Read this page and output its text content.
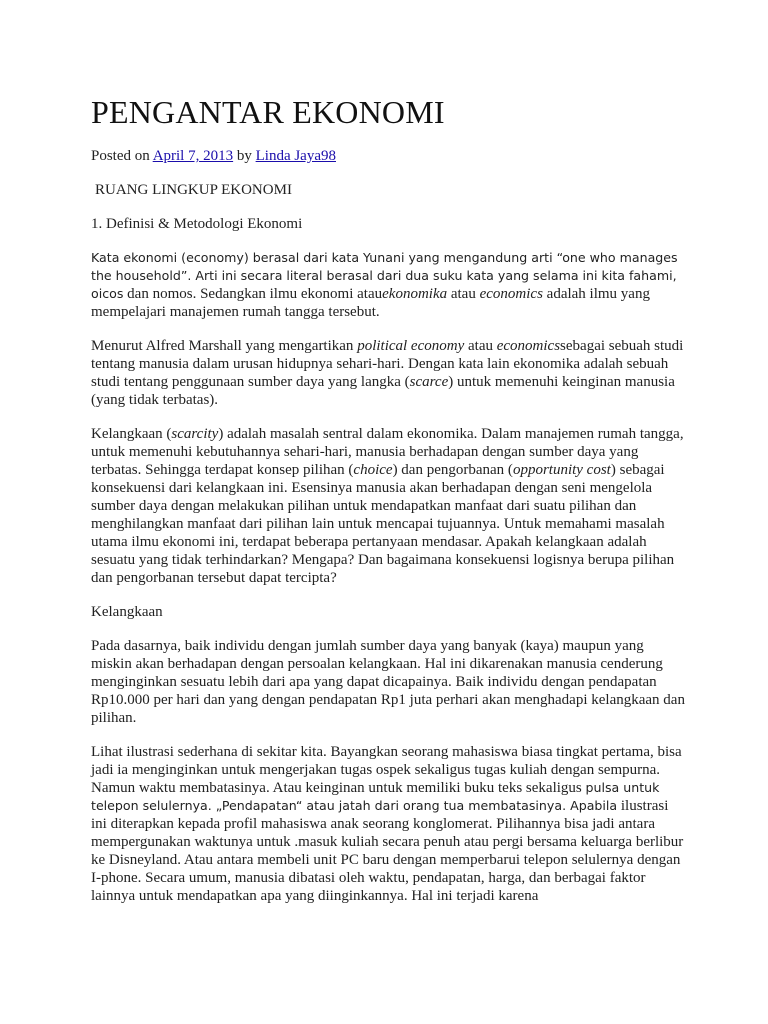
PENGANTAR EKONOMI
Posted on April 7, 2013 by Linda Jaya98
RUANG LINGKUP EKONOMI
1. Definisi & Metodologi Ekonomi

Kata ekonomi (economy) berasal dari kata Yunani yang mengandung arti “one who manages the household”. Arti ini secara literal berasal dari dua suku kata yang selama ini kita fahami, oicos dan nomos. Sedangkan ilmu ekonomi atauekonomika atau economics adalah ilmu yang mempelajari manajemen rumah tangga tersebut.

Menurut Alfred Marshall yang mengartikan political economy atau economicssebagai sebuah studi tentang manusia dalam urusan hidupnya sehari-hari. Dengan kata lain ekonomika adalah sebuah studi tentang penggunaan sumber daya yang langka (scarce) untuk memenuhi keinginan manusia (yang tidak terbatas).

Kelangkaan (scarcity) adalah masalah sentral dalam ekonomika. Dalam manajemen rumah tangga, untuk memenuhi kebutuhannya sehari-hari, manusia berhadapan dengan sumber daya yang terbatas. Sehingga terdapat konsep pilihan (choice) dan pengorbanan (opportunity cost) sebagai konsekuensi dari kelangkaan ini. Esensinya manusia akan berhadapan dengan seni mengelola sumber daya dengan melakukan pilihan untuk mendapatkan manfaat dari suatu pilihan dan menghilangkan manfaat dari pilihan lain untuk mencapai tujuannya. Untuk memahami masalah utama ilmu ekonomi ini, terdapat beberapa pertanyaan mendasar. Apakah kelangkaan adalah sesuatu yang tidak terhindarkan? Mengapa? Dan bagaimana konsekuensi logisnya berupa pilihan dan pengorbanan tersebut dapat tercipta?

Kelangkaan

Pada dasarnya, baik individu dengan jumlah sumber daya yang banyak (kaya) maupun yang miskin akan berhadapan dengan persoalan kelangkaan. Hal ini dikarenakan manusia cenderung menginginkan sesuatu lebih dari apa yang dapat dicapainya. Baik individu dengan pendapatan Rp10.000 per hari dan yang dengan pendapatan Rp1 juta perhari akan menghadapi kelangkaan dan pilihan.

Lihat ilustrasi sederhana di sekitar kita. Bayangkan seorang mahasiswa biasa tingkat pertama, bisa jadi ia menginginkan untuk mengerjakan tugas ospek sekaligus tugas kuliah dengan sempurna. Namun waktu membatasinya. Atau keinginan untuk memiliki buku teks sekaligus pulsa untuk telepon selulernya. „Pendapatan“ atau jatah dari orang tua membatasinya. Apabila ilustrasi ini diterapkan kepada profil mahasiswa anak seorang konglomerat. Pilihannya bisa jadi antara mempergunakan waktunya untuk .masuk kuliah secara penuh atau pergi bersama keluarga berlibur ke Disneyland. Atau antara membeli unit PC baru dengan memperbarui telepon selulernya dengan I-phone. Secara umum, manusia dibatasi oleh waktu, pendapatan, harga, dan berbagai faktor lainnya untuk mendapatkan apa yang diinginkannya. Hal ini terjadi karena
